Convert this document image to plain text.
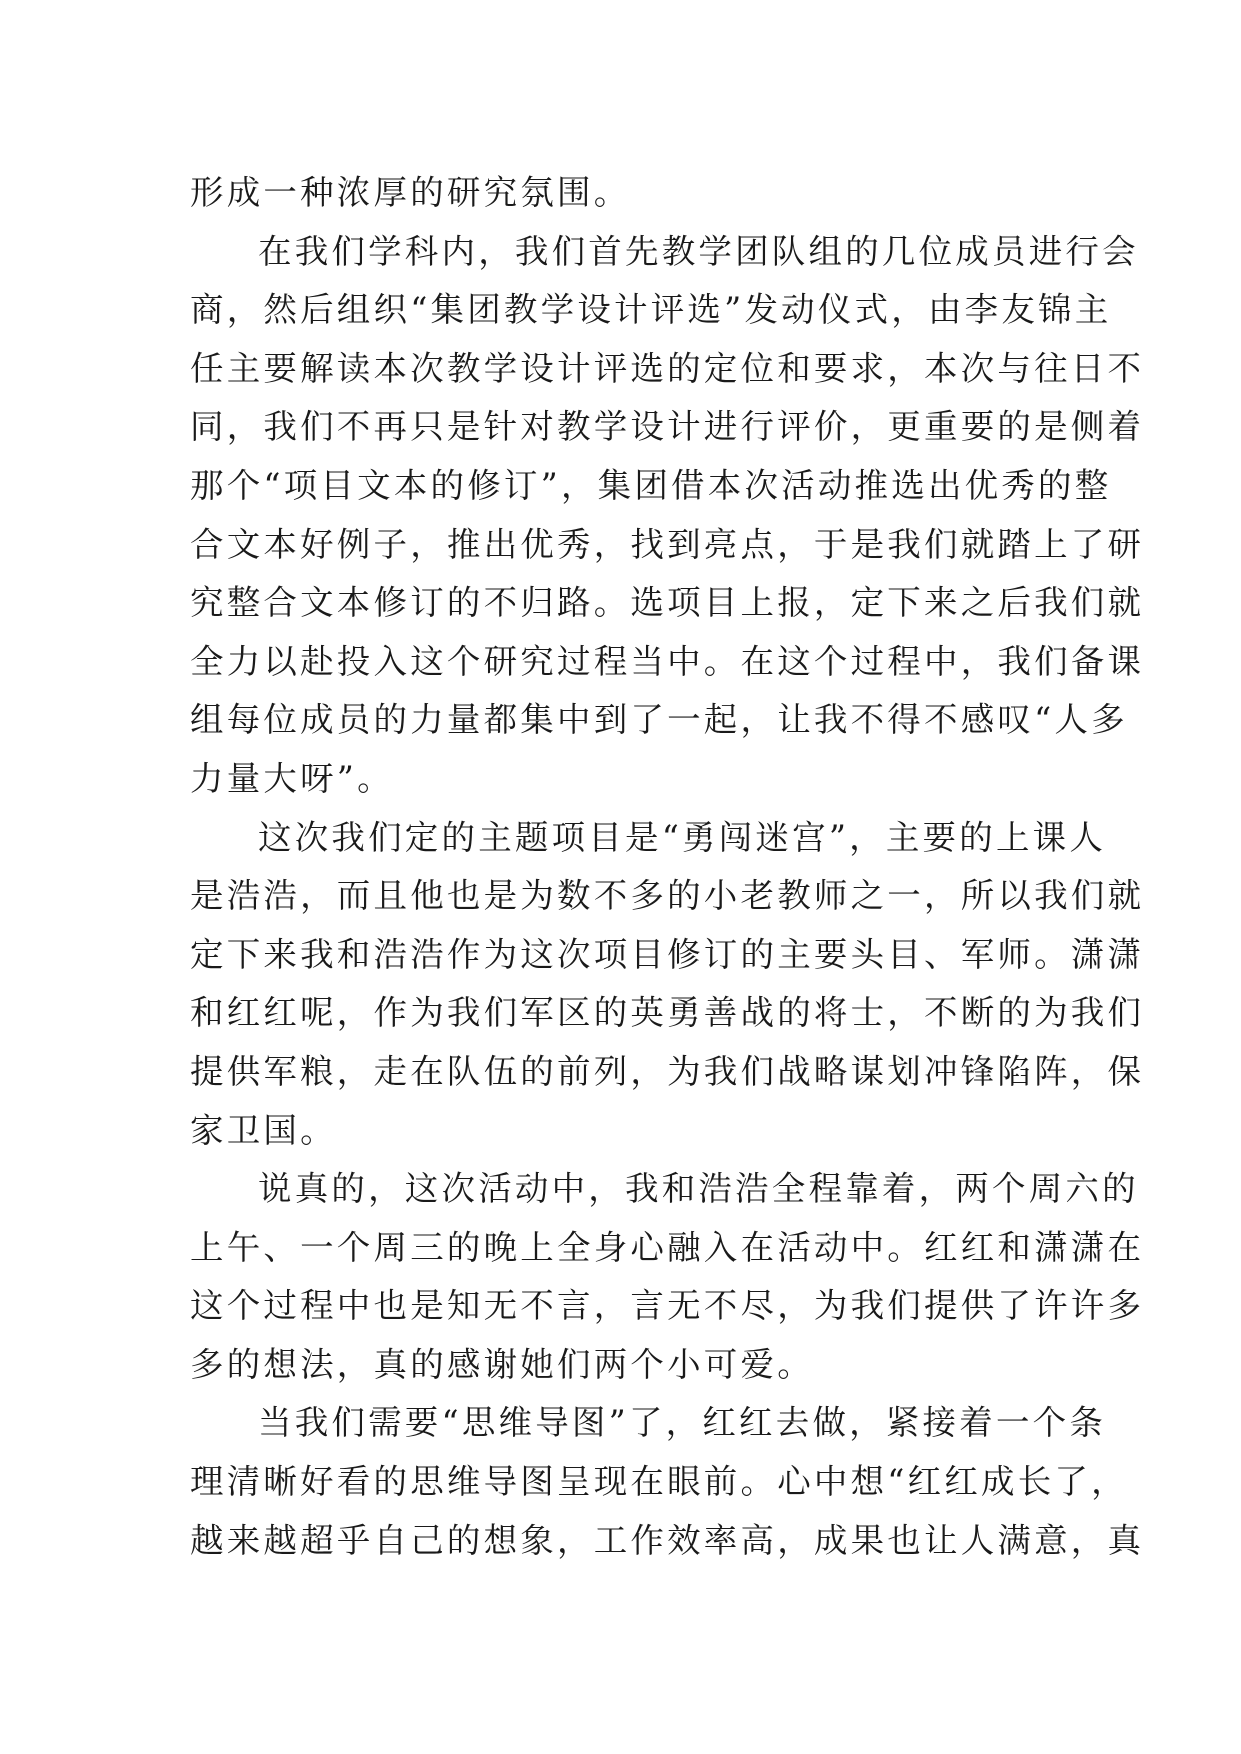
形成一种浓厚的研究氛围。
在我们学科内，我们首先教学团队组的几位成员进行会
商，然后组织“集团教学设计评选”发动仪式，由李友锦主
任主要解读本次教学设计评选的定位和要求，本次与往日不
同，我们不再只是针对教学设计进行评价，更重要的是侧着
那个“项目文本的修订”，集团借本次活动推选出优秀的整
合文本好例子，推出优秀，找到亮点，于是我们就踏上了研
究整合文本修订的不归路。选项目上报，定下来之后我们就
全力以赴投入这个研究过程当中。在这个过程中，我们备课
组每位成员的力量都集中到了一起，让我不得不感叹“人多
力量大呀”。
这次我们定的主题项目是“勇闯迷宫”，主要的上课人
是浩浩，而且他也是为数不多的小老教师之一，所以我们就
定下来我和浩浩作为这次项目修订的主要头目、军师。潇潇
和红红呢，作为我们军区的英勇善战的将士，不断的为我们
提供军粮，走在队伍的前列，为我们战略谋划冲锋陷阵，保
家卫国。
说真的，这次活动中，我和浩浩全程靠着，两个周六的
上午、一个周三的晚上全身心融入在活动中。红红和潇潇在
这个过程中也是知无不言，言无不尽，为我们提供了许许多
多的想法，真的感谢她们两个小可爱。
当我们需要“思维导图”了，红红去做，紧接着一个条
理清晰好看的思维导图呈现在眼前。心中想“红红成长了，
越来越超乎自己的想象，工作效率高，成果也让人满意，真
